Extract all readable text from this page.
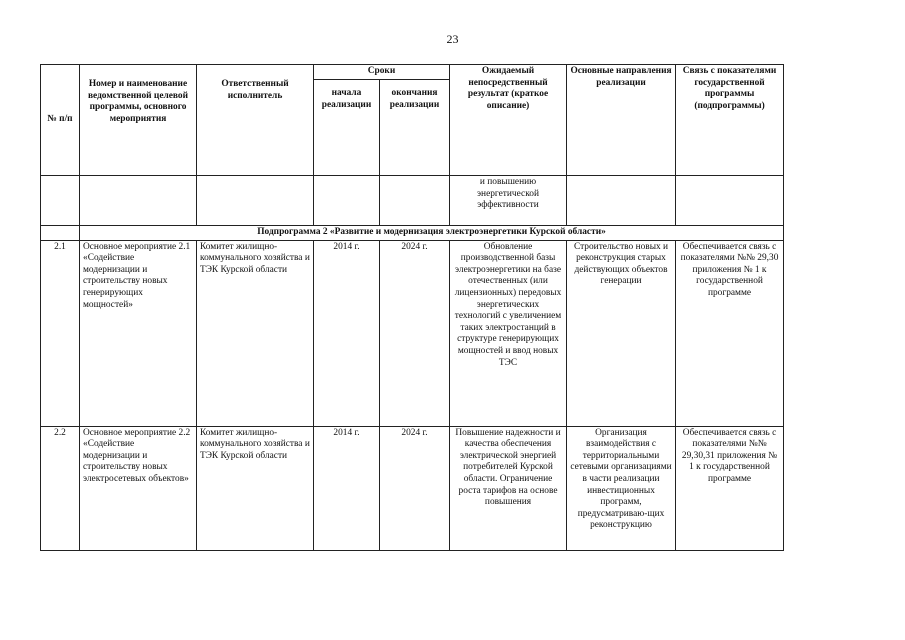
23
№ п/п	Номер и наименование ведомственной целевой программы, основного мероприятия	Ответственный исполнитель	Сроки		Ожидаемый непосредственный результат (краткое описание)	Основные направления реализации	Связь с показателями государственной программы (подпрограммы)
			начала реализации	окончания реализации			
					и повышению энергетической эффективности		
	Подпрограмма 2 «Развитие и модернизация электроэнергетики Курской области»						
2.1	Основное мероприятие 2.1 «Содействие модернизации и строительству новых генерирующих мощностей»	Комитет жилищно-коммунального хозяйства и ТЭК Курской области	2014 г.	2024 г.	Обновление производственной базы электроэнергетики на базе отечественных (или лицензионных) передовых энергетических технологий с увеличением таких электростанций в структуре генерирующих мощностей и ввод новых ТЭС	Строительство новых и реконструкция старых действующих объектов генерации	Обеспечивается связь с показателями №№ 29,30 приложения № 1 к государственной программе
2.2	Основное мероприятие 2.2 «Содействие модернизации и строительству новых электросетевых объектов»	Комитет жилищно-коммунального хозяйства и ТЭК Курской области	2014 г.	2024 г.	Повышение надежности и качества обеспечения электрической энергией потребителей Курской области. Ограничение роста тарифов на основе повышения	Организация взаимодействия с территориальными сетевыми организациями в части реализации инвестиционных программ, предусматриваю-щих реконструкцию	Обеспечивается связь с показателями №№ 29,30,31 приложения № 1 к государственной программе
